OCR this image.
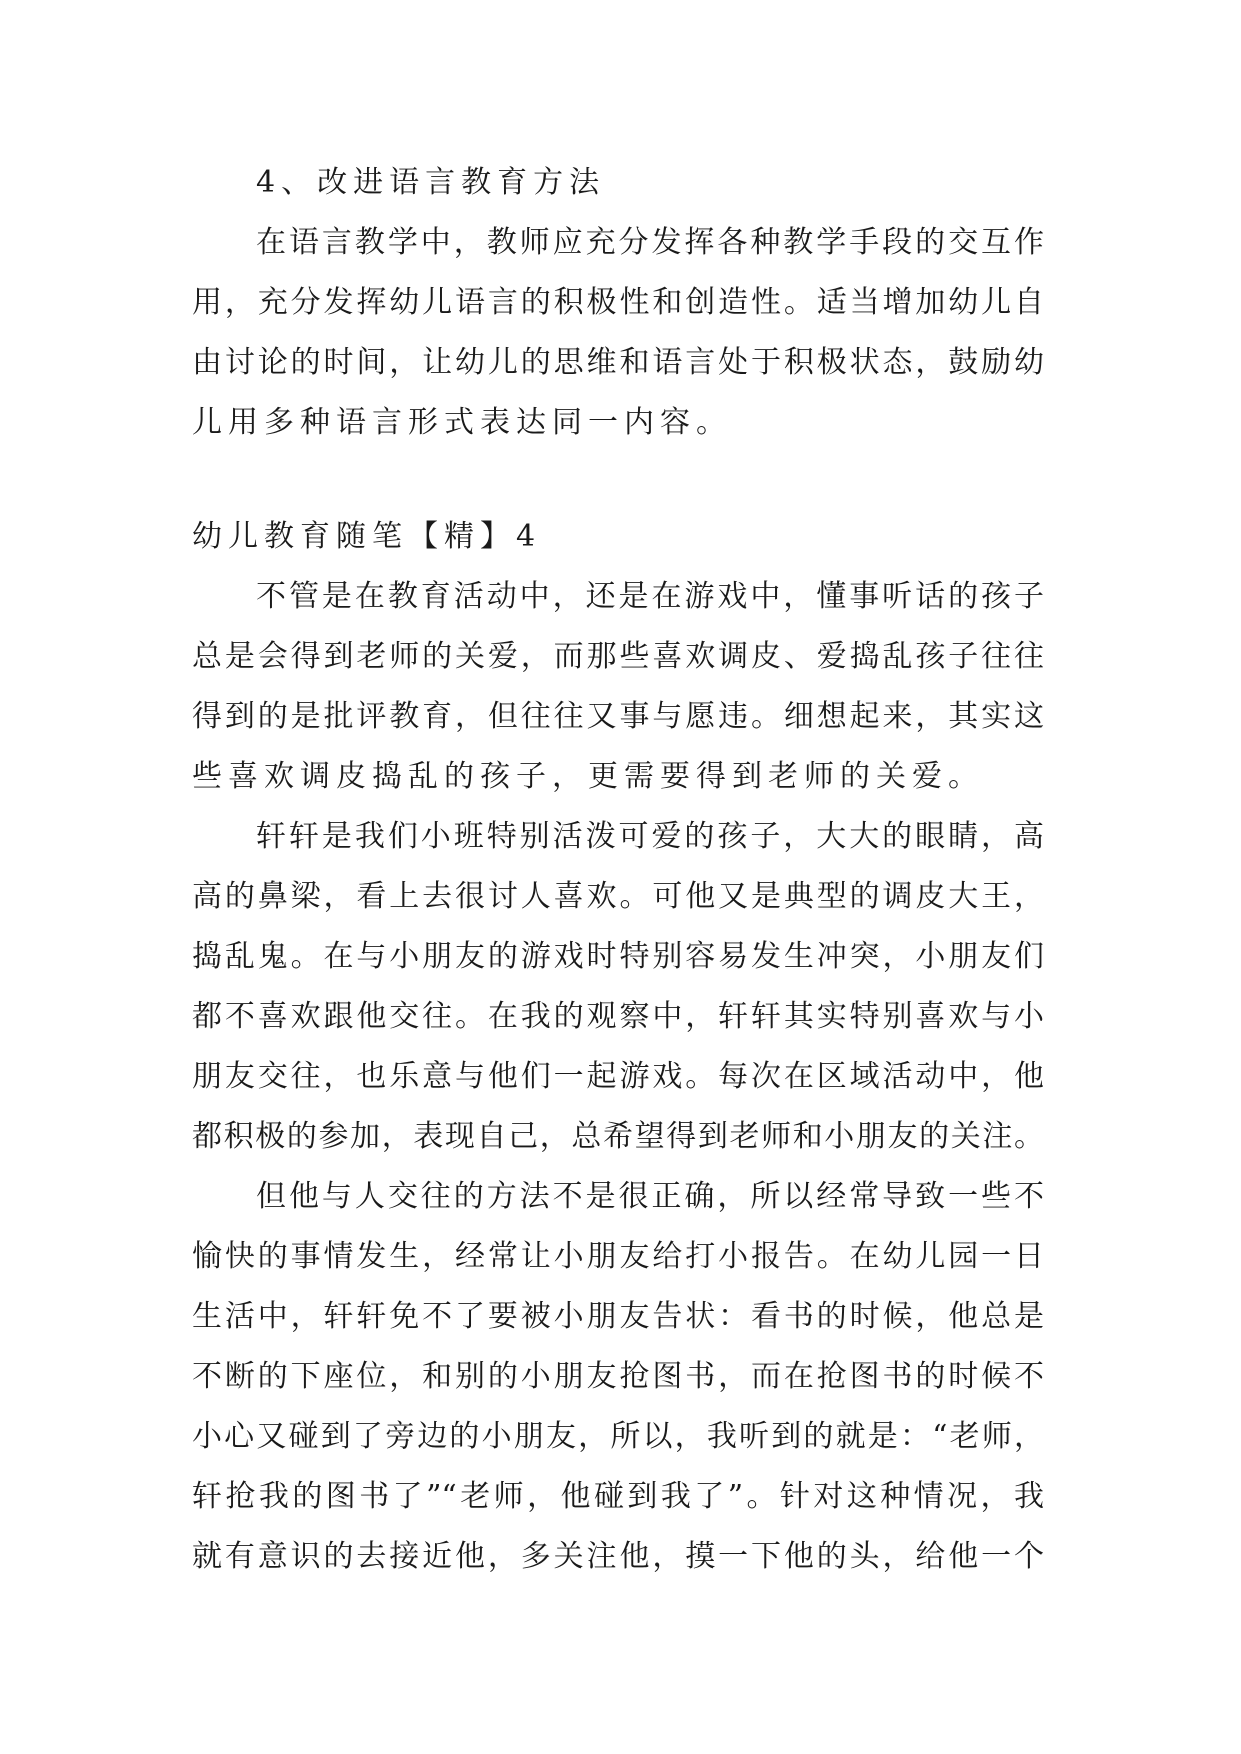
4、改进语言教育方法
在语言教学中，教师应充分发挥各种教学手段的交互作
用，充分发挥幼儿语言的积极性和创造性。适当增加幼儿自
由讨论的时间，让幼儿的思维和语言处于积极状态，鼓励幼
儿用多种语言形式表达同一内容。
幼儿教育随笔【精】4
不管是在教育活动中，还是在游戏中，懂事听话的孩子
总是会得到老师的关爱，而那些喜欢调皮、爱捣乱孩子往往
得到的是批评教育，但往往又事与愿违。细想起来，其实这
些喜欢调皮捣乱的孩子，更需要得到老师的关爱。
轩轩是我们小班特别活泼可爱的孩子，大大的眼睛，高
高的鼻梁，看上去很讨人喜欢。可他又是典型的调皮大王，
捣乱鬼。在与小朋友的游戏时特别容易发生冲突，小朋友们
都不喜欢跟他交往。在我的观察中，轩轩其实特别喜欢与小
朋友交往，也乐意与他们一起游戏。每次在区域活动中，他
都积极的参加，表现自己，总希望得到老师和小朋友的关注。
但他与人交往的方法不是很正确，所以经常导致一些不
愉快的事情发生，经常让小朋友给打小报告。在幼儿园一日
生活中，轩轩免不了要被小朋友告状：看书的时候，他总是
不断的下座位，和别的小朋友抢图书，而在抢图书的时候不
小心又碰到了旁边的小朋友，所以，我听到的就是：“老师，
轩抢我的图书了”“老师，他碰到我了”。针对这种情况，我
就有意识的去接近他，多关注他，摸一下他的头，给他一个
